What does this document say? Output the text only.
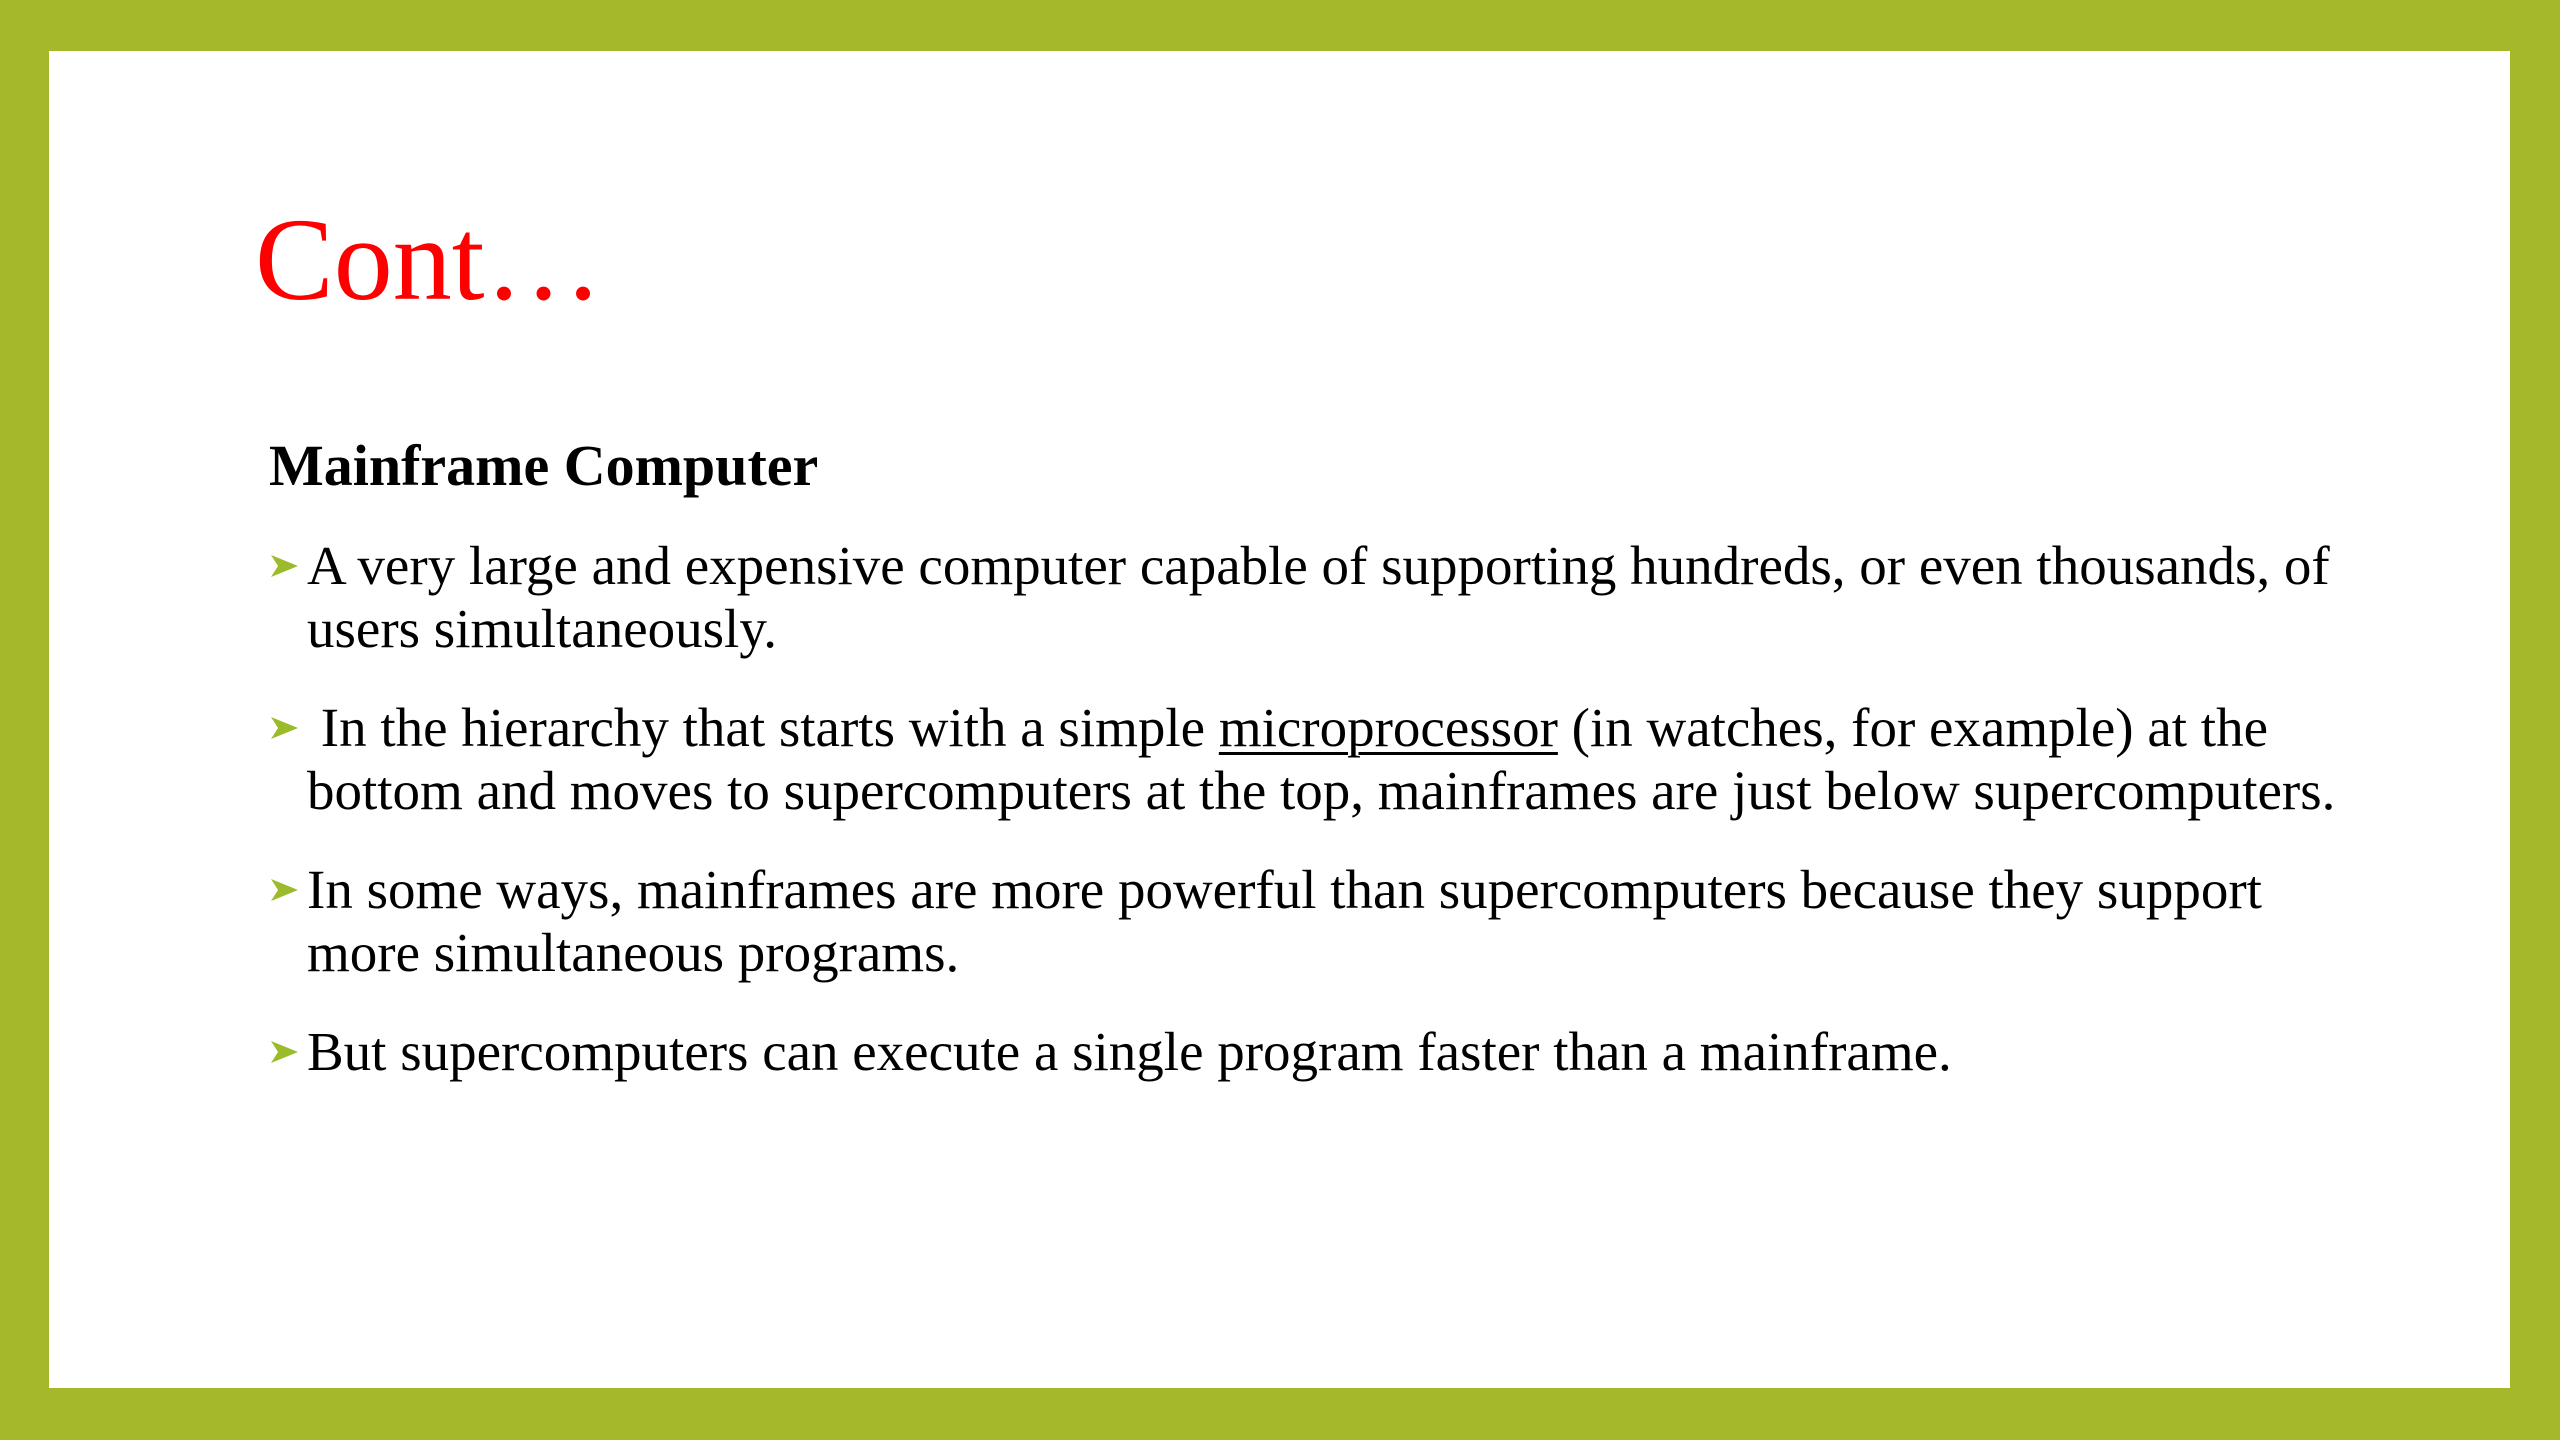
Cont…
Mainframe Computer
A very large and expensive computer capable of supporting hundreds, or even thousands, of users simultaneously.
In the hierarchy that starts with a simple microprocessor (in watches, for example) at the bottom and moves to supercomputers at the top, mainframes are just below supercomputers.
In some ways, mainframes are more powerful than supercomputers because they support more simultaneous programs.
But supercomputers can execute a single program faster than a mainframe.
